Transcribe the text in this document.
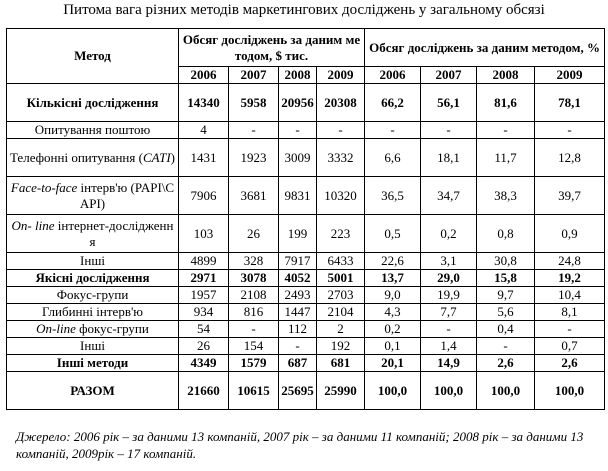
Питома вага різних методів маркетингових досліджень у загальному обсязі
Метод	Обсяг досліджень за даним методом, $ тис.				Обсяг досліджень за даним методом, %			
	2006	2007	2008	2009	2006	2007	2008	2009
Кількісні дослідження	14340	5958	20956	20308	66,2	56,1	81,6	78,1
Опитування поштою	4	-	-	-	-	-	-	-
Телефонні опитування (CATI)	1431	1923	3009	3332	6,6	18,1	11,7	12,8
Face-to-face інтерв'ю (PAPI\CAPI)	7906	3681	9831	10320	36,5	34,7	38,3	39,7
On- line інтернет-дослідження	103	26	199	223	0,5	0,2	0,8	0,9
Інші	4899	328	7917	6433	22,6	3,1	30,8	24,8
Якісні дослідження	2971	3078	4052	5001	13,7	29,0	15,8	19,2
Фокус-групи	1957	2108	2493	2703	9,0	19,9	9,7	10,4
Глибинні інтерв'ю	934	816	1447	2104	4,3	7,7	5,6	8,1
On-line фокус-групи	54	-	112	2	0,2	-	0,4	-
Інші	26	154	-	192	0,1	1,4	-	0,7
Інші методи	4349	1579	687	681	20,1	14,9	2,6	2,6
РАЗОМ	21660	10615	25695	25990	100,0	100,0	100,0	100,0
Джерело: 2006 рік – за даними 13 компаній, 2007 рік – за даними 11 компаній; 2008 рік – за даними 13 компаній, 2009рік – 17 компаній.
